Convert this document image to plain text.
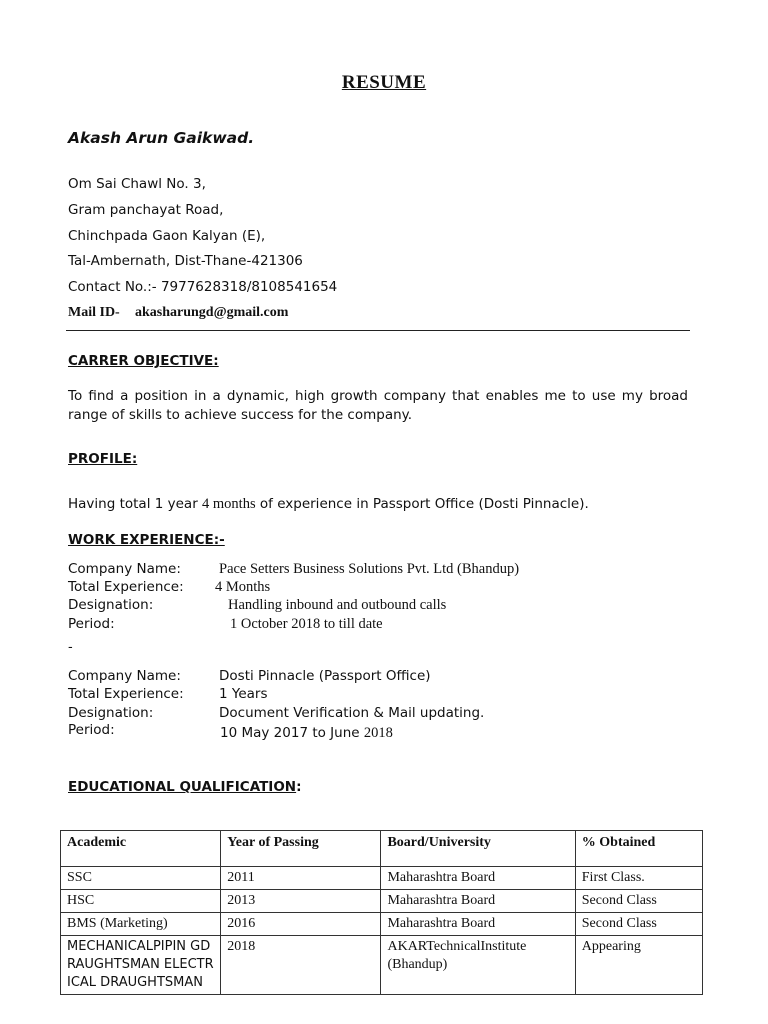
RESUME
Akash Arun Gaikwad.
Om Sai Chawl No. 3,
Gram panchayat Road,
Chinchpada Gaon Kalyan (E),
Tal-Ambernath, Dist-Thane-421306
Contact No.:- 7977628318/8108541654
Mail ID- akasharungd@gmail.com
CARRER OBJECTIVE:
To find a position in a dynamic, high growth company that enables me to use my broad range of skills to achieve success for the company.
PROFILE:
Having total 1 year 4 months of experience in Passport Office (Dosti Pinnacle).
WORK EXPERIENCE:-
Company Name:	Pace Setters Business Solutions Pvt. Ltd (Bhandup)
Total Experience: 4 Months
Designation:	Handling inbound and outbound calls
Period:	1 October 2018 to till date
-
Company Name:	Dosti Pinnacle (Passport Office)
Total Experience:	1 Years
Designation:	Document Verification & Mail updating.
Period:	10 May 2017 to June 2018
EDUCATIONAL QUALIFICATION:
Academic	Year of Passing	Board/University	% Obtained
SSC	2011	Maharashtra Board	First Class.
HSC	2013	Maharashtra Board	Second Class
BMS (Marketing)	2016	Maharashtra Board	Second Class
MECHANICALPIPIN GDRAUGHTSMAN ELECTRICAL DRAUGHTSMAN	2018	AKARTechnicalInstitute (Bhandup)	Appearing
